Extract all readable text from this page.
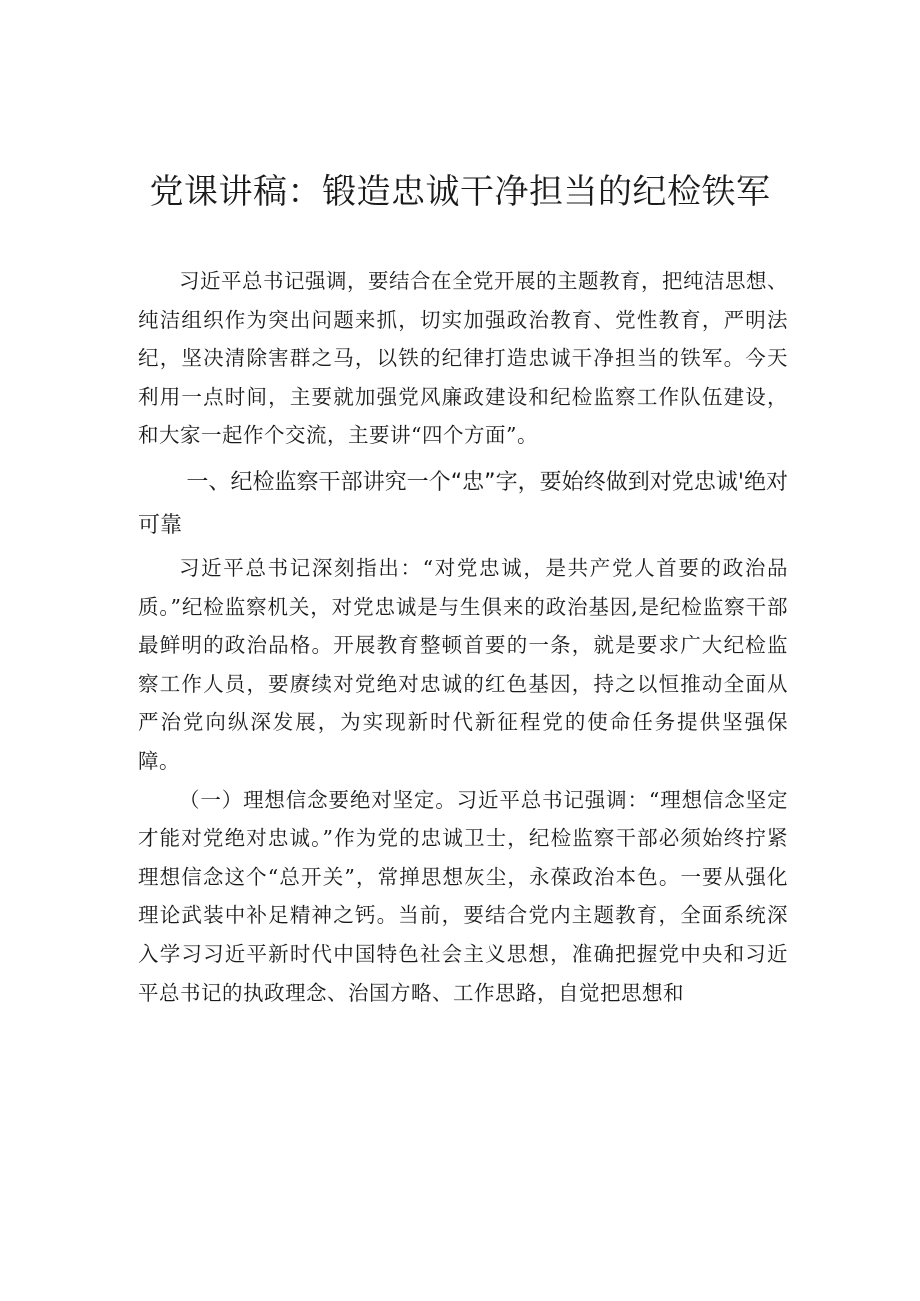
党课讲稿：锻造忠诚干净担当的纪检铁军

习近平总书记强调，要结合在全党开展的主题教育，把纯洁思想、纯洁组织作为突出问题来抓，切实加强政治教育、党性教育，严明法纪，坚决清除害群之马，以铁的纪律打造忠诚干净担当的铁军。今天利用一点时间，主要就加强党风廉政建设和纪检监察工作队伍建设，和大家一起作个交流，主要讲“四个方面”。

一、纪检监察干部讲究一个“忠”字，要始终做到对党忠诚'绝对可靠

习近平总书记深刻指出：“对党忠诚，是共产党人首要的政治品质。”纪检监察机关，对党忠诚是与生俱来的政治基因,是纪检监察干部最鲜明的政治品格。开展教育整顿首要的一条，就是要求广大纪检监察工作人员，要赓续对党绝对忠诚的红色基因，持之以恒推动全面从严治党向纵深发展，为实现新时代新征程党的使命任务提供坚强保障。

（一）理想信念要绝对坚定。习近平总书记强调：“理想信念坚定才能对党绝对忠诚。”作为党的忠诚卫士，纪检监察干部必须始终拧紧理想信念这个“总开关”，常掸思想灰尘，永葆政治本色。一要从强化理论武装中补足精神之钙。当前，要结合党内主题教育，全面系统深入学习习近平新时代中国特色社会主义思想，准确把握党中央和习近平总书记的执政理念、治国方略、工作思路，自觉把思想和
